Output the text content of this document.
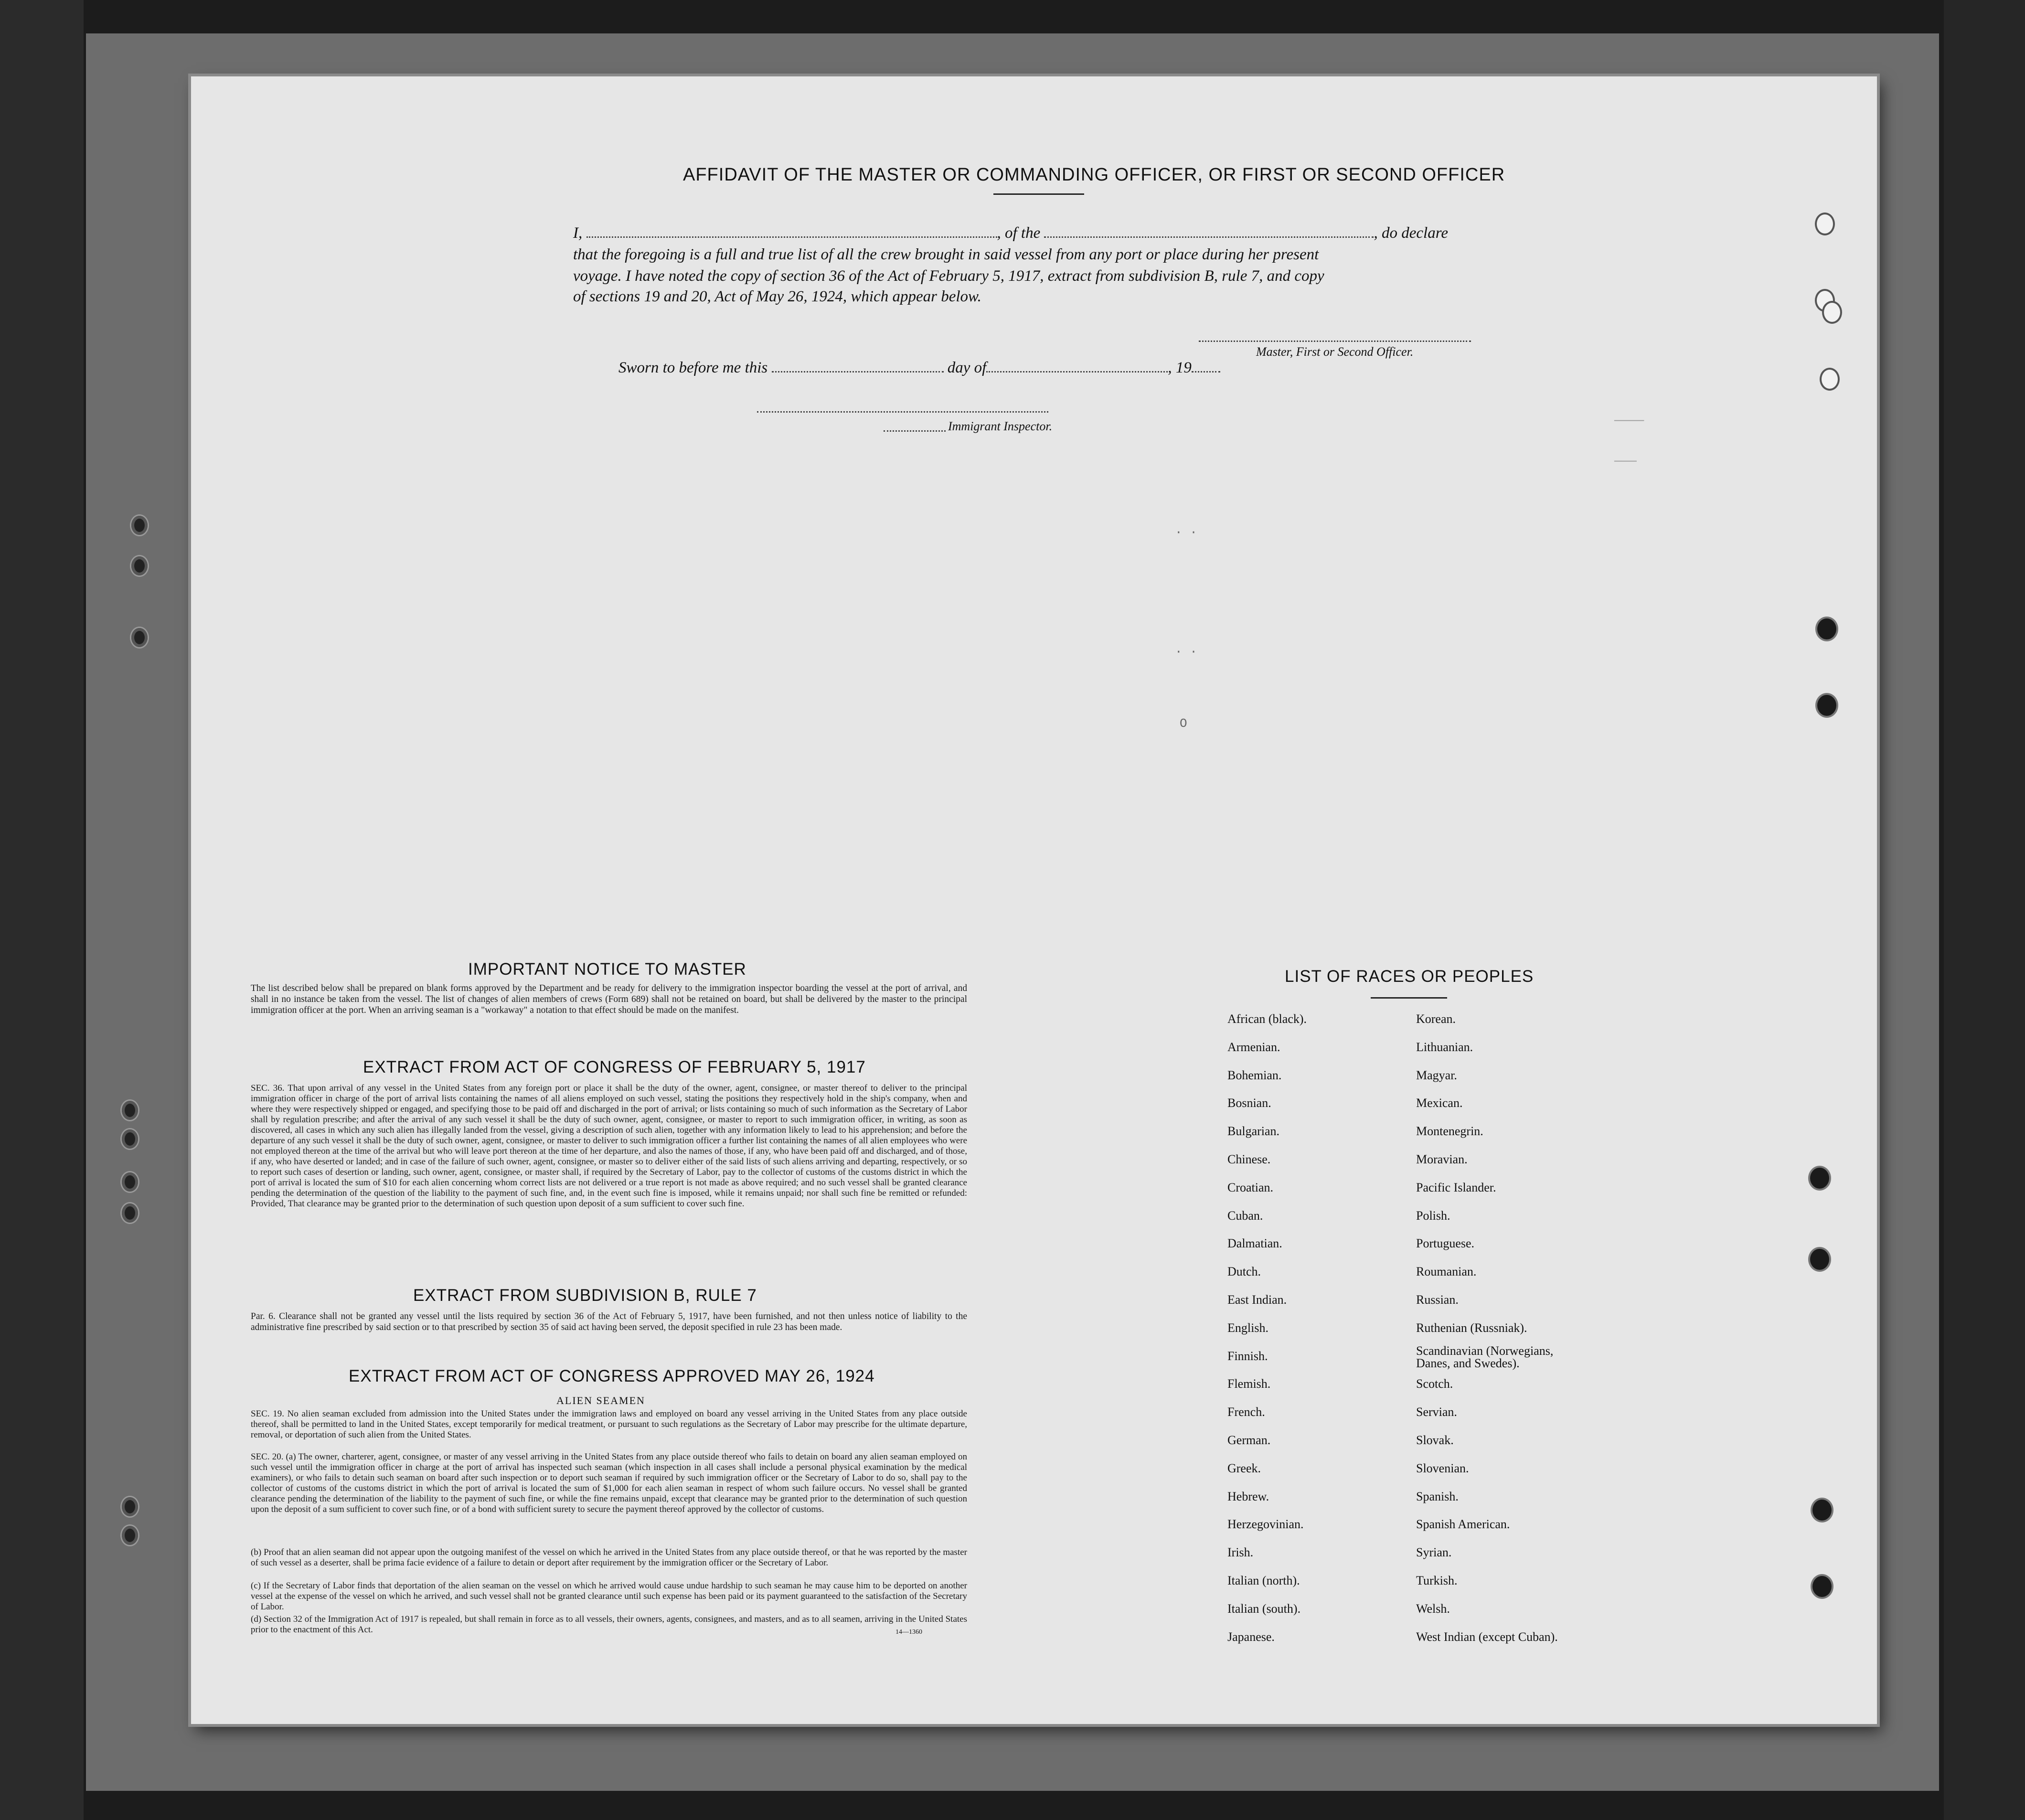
AFFIDAVIT OF THE MASTER OR COMMANDING OFFICER, OR FIRST OR SECOND OFFICER
I,	, of the	, do declare
that the foregoing is a full and true list of all the crew brought in said vessel from any port or place during her present
voyage. I have noted the copy of section 36 of the Act of February 5, 1917, extract from subdivision B, rule 7, and copy
of sections 19 and 20, Act of May 26, 1924, which appear below.
Master, First or Second Officer.
Sworn to before me this	day of	, 19
Immigrant Inspector.	————
———
· ·
· ·
O
IMPORTANT NOTICE TO MASTER
The list described below shall be prepared on blank forms approved by the Department and be ready for delivery to the immigration inspector boarding the vessel at the port of arrival, and shall in no instance be taken from the vessel. The list of changes of alien members of crews (Form 689) shall not be retained on board, but shall be delivered by the master to the principal immigration officer at the port. When an arriving seaman is a "workaway" a notation to that effect should be made on the manifest.
EXTRACT FROM ACT OF CONGRESS OF FEBRUARY 5, 1917
SEC. 36. That upon arrival of any vessel in the United States from any foreign port or place it shall be the duty of the owner, agent, consignee, or master thereof to deliver to the principal immigration officer in charge of the port of arrival lists containing the names of all aliens employed on such vessel, stating the positions they respectively hold in the ship's company, when and where they were respectively shipped or engaged, and specifying those to be paid off and discharged in the port of arrival; or lists containing so much of such information as the Secretary of Labor shall by regulation prescribe; and after the arrival of any such vessel it shall be the duty of such owner, agent, consignee, or master to report to such immigration officer, in writing, as soon as discovered, all cases in which any such alien has illegally landed from the vessel, giving a description of such alien, together with any information likely to lead to his apprehension; and before the departure of any such vessel it shall be the duty of such owner, agent, consignee, or master to deliver to such immigration officer a further list containing the names of all alien employees who were not employed thereon at the time of the arrival but who will leave port thereon at the time of her departure, and also the names of those, if any, who have been paid off and discharged, and of those, if any, who have deserted or landed; and in case of the failure of such owner, agent, consignee, or master so to deliver either of the said lists of such aliens arriving and departing, respectively, or so to report such cases of desertion or landing, such owner, agent, consignee, or master shall, if required by the Secretary of Labor, pay to the collector of customs of the customs district in which the port of arrival is located the sum of $10 for each alien concerning whom correct lists are not delivered or a true report is not made as above required; and no such vessel shall be granted clearance pending the determination of the question of the liability to the payment of such fine, and, in the event such fine is imposed, while it remains unpaid; nor shall such fine be remitted or refunded: Provided, That clearance may be granted prior to the determination of such question upon deposit of a sum sufficient to cover such fine.
EXTRACT FROM SUBDIVISION B, RULE 7
Par. 6. Clearance shall not be granted any vessel until the lists required by section 36 of the Act of February 5, 1917, have been furnished, and not then unless notice of liability to the administrative fine prescribed by said section or to that prescribed by section 35 of said act having been served, the deposit specified in rule 23 has been made.
EXTRACT FROM ACT OF CONGRESS APPROVED MAY 26, 1924
ALIEN SEAMEN
SEC. 19. No alien seaman excluded from admission into the United States under the immigration laws and employed on board any vessel arriving in the United States from any place outside thereof, shall be permitted to land in the United States, except temporarily for medical treatment, or pursuant to such regulations as the Secretary of Labor may prescribe for the ultimate departure, removal, or deportation of such alien from the United States.
SEC. 20. (a) The owner, charterer, agent, consignee, or master of any vessel arriving in the United States from any place outside thereof who fails to detain on board any alien seaman employed on such vessel until the immigration officer in charge at the port of arrival has inspected such seaman (which inspection in all cases shall include a personal physical examination by the medical examiners), or who fails to detain such seaman on board after such inspection or to deport such seaman if required by such immigration officer or the Secretary of Labor to do so, shall pay to the collector of customs of the customs district in which the port of arrival is located the sum of $1,000 for each alien seaman in respect of whom such failure occurs. No vessel shall be granted clearance pending the determination of the liability to the payment of such fine, or while the fine remains unpaid, except that clearance may be granted prior to the determination of such question upon the deposit of a sum sufficient to cover such fine, or of a bond with sufficient surety to secure the payment thereof approved by the collector of customs.
(b) Proof that an alien seaman did not appear upon the outgoing manifest of the vessel on which he arrived in the United States from any place outside thereof, or that he was reported by the master of such vessel as a deserter, shall be prima facie evidence of a failure to detain or deport after requirement by the immigration officer or the Secretary of Labor.
(c) If the Secretary of Labor finds that deportation of the alien seaman on the vessel on which he arrived would cause undue hardship to such seaman he may cause him to be deported on another vessel at the expense of the vessel on which he arrived, and such vessel shall not be granted clearance until such expense has been paid or its payment guaranteed to the satisfaction of the Secretary of Labor.
(d) Section 32 of the Immigration Act of 1917 is repealed, but shall remain in force as to all vessels, their owners, agents, consignees, and masters, and as to all seamen, arriving in the United States prior to the enactment of this Act.	14—1360
LIST OF RACES OR PEOPLES
African (black).
Armenian.
Bohemian.
Bosnian.
Bulgarian.
Chinese.
Croatian.
Cuban.
Dalmatian.
Dutch.
East Indian.
English.
Finnish.
Flemish.
French.
German.
Greek.
Hebrew.
Herzegovinian.
Irish.
Italian (north).
Italian (south).
Japanese.
Korean.
Lithuanian.
Magyar.
Mexican.
Montenegrin.
Moravian.
Pacific Islander.
Polish.
Portuguese.
Roumanian.
Russian.
Ruthenian (Russniak).
Scandinavian (Norwegians, Danes, and Swedes).
Scotch.
Servian.
Slovak.
Slovenian.
Spanish.
Spanish American.
Syrian.
Turkish.
Welsh.
West Indian (except Cuban).
